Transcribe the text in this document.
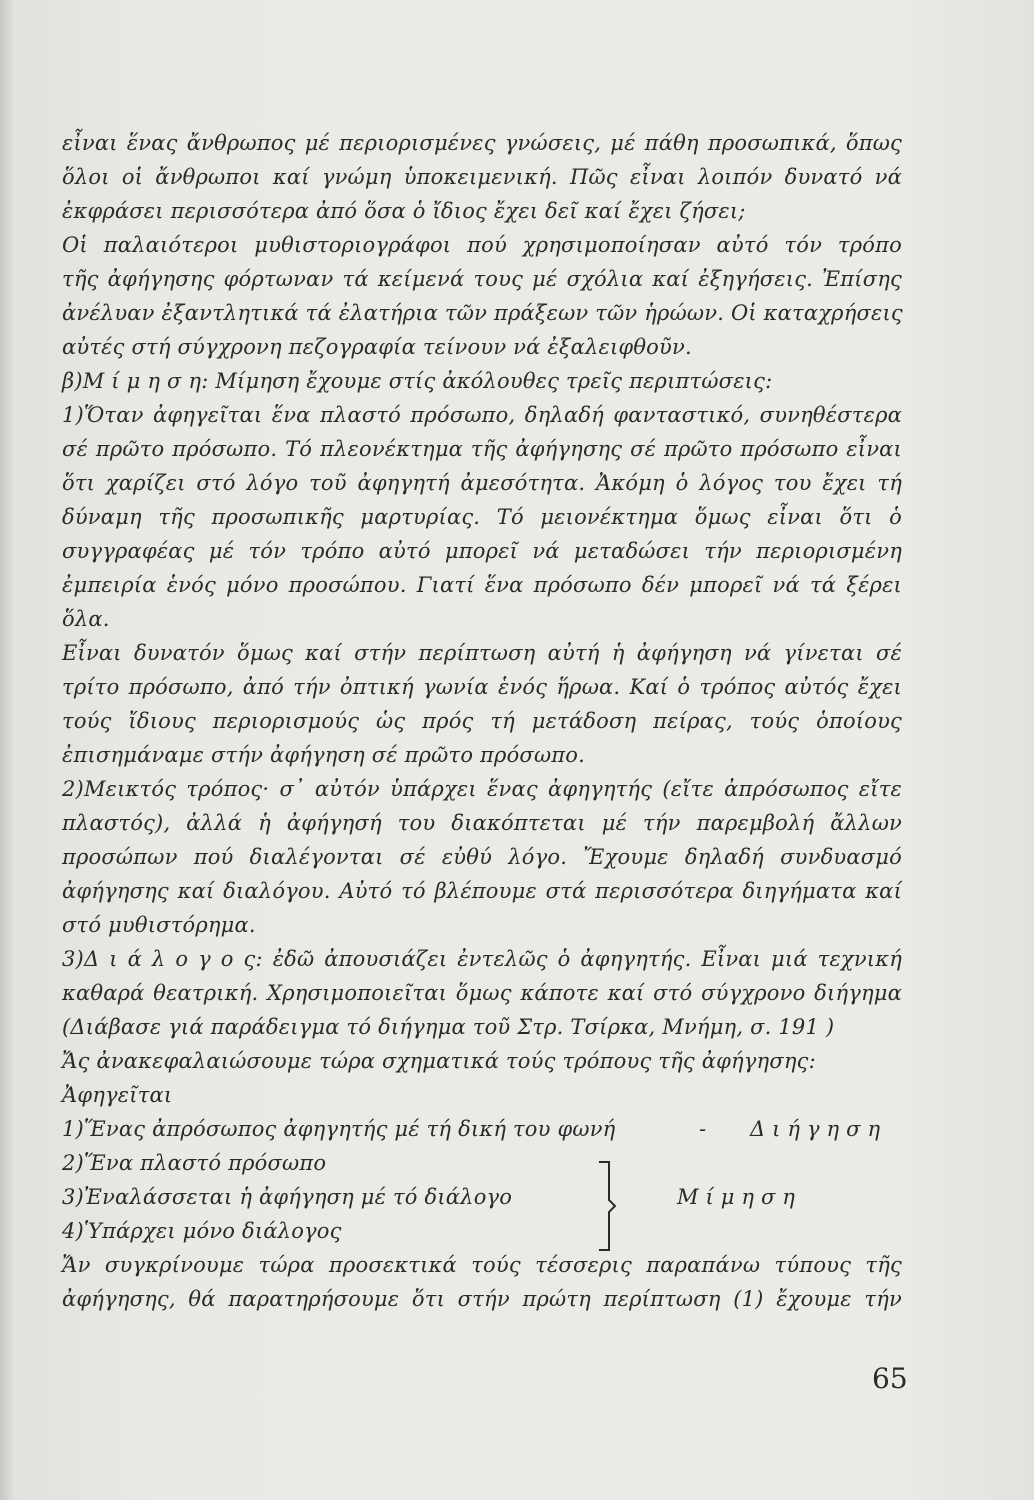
εἶναι ἕνας ἄνθρωπος μέ περιορισμένες γνώσεις, μέ πάθη προσωπικά, ὅπως
ὅλοι οἱ ἄνθρωποι καί γνώμη ὑποκειμενική. Πῶς εἶναι λοιπόν δυνατό νά
ἐκφράσει περισσότερα ἀπό ὅσα ὁ ἴδιος ἔχει δεῖ καί ἔχει ζήσει;
Οἱ παλαιότεροι μυθιστοριογράφοι πού χρησιμοποίησαν αὐτό τόν τρόπο
τῆς ἀφήγησης φόρτωναν τά κείμενά τους μέ σχόλια καί ἐξηγήσεις. Ἐπίσης
ἀνέλυαν ἐξαντλητικά τά ἐλατήρια τῶν πράξεων τῶν ἡρώων. Οἱ καταχρήσεις
αὐτές στή σύγχρονη πεζογραφία τείνουν νά ἐξαλειφθοῦν.
β)Μ ί μ η σ η: Μίμηση ἔχουμε στίς ἀκόλουθες τρεῖς περιπτώσεις:
1)Ὅταν ἀφηγεῖται ἕνα πλαστό πρόσωπο, δηλαδή φανταστικό, συνηθέστερα
σέ πρῶτο πρόσωπο. Τό πλεονέκτημα τῆς ἀφήγησης σέ πρῶτο πρόσωπο εἶναι
ὅτι χαρίζει στό λόγο τοῦ ἀφηγητή ἀμεσότητα. Ἀκόμη ὁ λόγος του ἔχει τή
δύναμη τῆς προσωπικῆς μαρτυρίας. Τό μειονέκτημα ὅμως εἶναι ὅτι ὁ
συγγραφέας μέ τόν τρόπο αὐτό μπορεῖ νά μεταδώσει τήν περιορισμένη
ἐμπειρία ἑνός μόνο προσώπου. Γιατί ἕνα πρόσωπο δέν μπορεῖ νά τά ξέρει
ὅλα.
Εἶναι δυνατόν ὅμως καί στήν περίπτωση αὐτή ἡ ἀφήγηση νά γίνεται σέ
τρίτο πρόσωπο, ἀπό τήν ὀπτική γωνία ἑνός ἥρωα. Καί ὁ τρόπος αὐτός ἔχει
τούς ἴδιους περιορισμούς ὡς πρός τή μετάδοση πείρας, τούς ὁποίους
ἐπισημάναμε στήν ἀφήγηση σέ πρῶτο πρόσωπο.
2)Μεικτός τρόπος· σ᾽ αὐτόν ὑπάρχει ἕνας ἀφηγητής (εἴτε ἀπρόσωπος εἴτε
πλαστός), ἀλλά ἡ ἀφήγησή του διακόπτεται μέ τήν παρεμβολή ἄλλων
προσώπων πού διαλέγονται σέ εὐθύ λόγο. Ἔχουμε δηλαδή συνδυασμό
ἀφήγησης καί διαλόγου. Αὐτό τό βλέπουμε στά περισσότερα διηγήματα καί
στό μυθιστόρημα.
3)Δ ι ά λ ο γ ο ς: ἐδῶ ἀπουσιάζει ἐντελῶς ὁ ἀφηγητής. Εἶναι μιά τεχνική
καθαρά θεατρική. Χρησιμοποιεῖται ὅμως κάποτε καί στό σύγχρονο διήγημα
(Διάβασε γιά παράδειγμα τό διήγημα τοῦ Στρ. Τσίρκα, Μνήμη, σ. 191 )
Ἄς ἀνακεφαλαιώσουμε τώρα σχηματικά τούς τρόπους τῆς ἀφήγησης:
Ἀφηγεῖται
1)Ἕνας ἀπρόσωπος ἀφηγητής μέ τή δική του φωνή	- Διήγηση
2)Ἕνα πλαστό πρόσωπο
3)Ἐναλάσσεται ἡ ἀφήγηση μέ τό διάλογο
4)Ὑπάρχει μόνο διάλογος
Μίμηση
Ἄν συγκρίνουμε τώρα προσεκτικά τούς τέσσερις παραπάνω τύπους τῆς
ἀφήγησης, θά παρατηρήσουμε ὅτι στήν πρώτη περίπτωση (1) ἔχουμε τήν
65
